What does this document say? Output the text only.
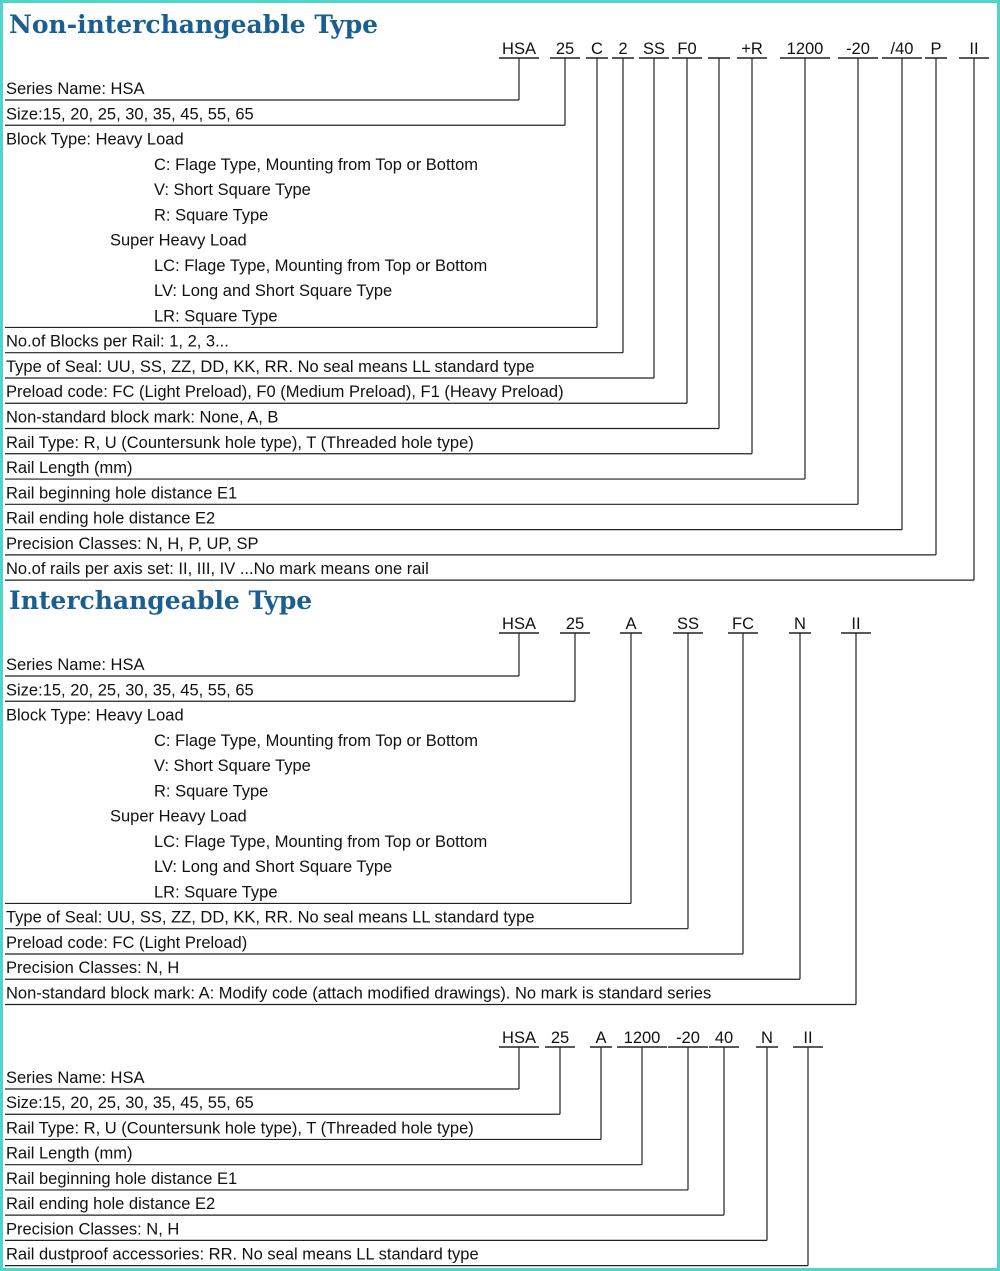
Non-interchangeable Type
Interchangeable Type
HSA 25 C 2 SS F0	+R 1200 -20 /40 P II
Series Name: HSA
Size:15, 20, 25, 30, 35, 45, 55, 65
Block Type: Heavy Load
C: Flage Type, Mounting from Top or Bottom
V: Short Square Type
R: Square Type
Super Heavy Load
LC: Flage Type, Mounting from Top or Bottom
LV: Long and Short Square Type
LR: Square Type
No.of Blocks per Rail: 1, 2, 3...
Type of Seal: UU, SS, ZZ, DD, KK, RR. No seal means LL standard type
Preload code: FC (Light Preload), F0 (Medium Preload), F1 (Heavy Preload)
Non-standard block mark: None, A, B
Rail Type: R, U (Countersunk hole type), T (Threaded hole type)
Rail Length (mm)
Rail beginning hole distance E1
Rail ending hole distance E2
Precision Classes: N, H, P, UP, SP
No.of rails per axis set: II, III, IV ...No mark means one rail
HSA 25	A SS FC N	II
Series Name: HSA
Size:15, 20, 25, 30, 35, 45, 55, 65
Block Type: Heavy Load
C: Flage Type, Mounting from Top or Bottom
V: Short Square Type
R: Square Type
Super Heavy Load
LC: Flage Type, Mounting from Top or Bottom
LV: Long and Short Square Type
LR: Square Type
Type of Seal: UU, SS, ZZ, DD, KK, RR. No seal means LL standard type
Preload code: FC (Light Preload)
Precision Classes: N, H
Non-standard block mark: A: Modify code (attach modified drawings). No mark is standard series
HSA 25 A 1200 -20 40 N II
Series Name: HSA
Size:15, 20, 25, 30, 35, 45, 55, 65
Rail Type: R, U (Countersunk hole type), T (Threaded hole type)
Rail Length (mm)
Rail beginning hole distance E1
Rail ending hole distance E2
Precision Classes: N, H
Rail dustproof accessories: RR. No seal means LL standard type
